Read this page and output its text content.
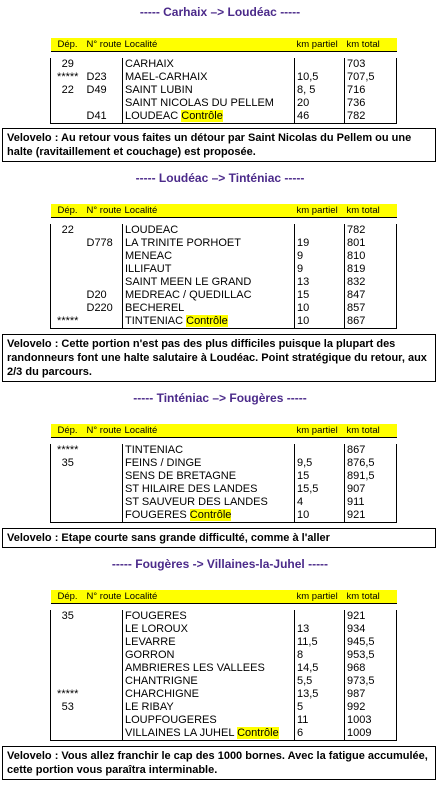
----- Carhaix –> Loudéac -----
Dép.	N° route	Localité	km partiel	km total

29		CARHAIX		703
*****	D23	MAEL-CARHAIX	10,5	707,5
22	D49	SAINT LUBIN	8, 5	716
		SAINT NICOLAS DU PELLEM	20	736
	D41	LOUDEAC Contrôle	46	782
Velovelo : Au retour vous faites un détour par Saint Nicolas du Pellem ou une halte (ravitaillement et couchage) est proposée.
----- Loudéac –> Tinténiac -----
Dép.	N° route	Localité	km partiel	km total

22		LOUDEAC		782
	D778	LA TRINITE PORHOET	19	801
		MENEAC	9	810
		ILLIFAUT	9	819
		SAINT MEEN LE GRAND	13	832
	D20	MEDREAC / QUEDILLAC	15	847
	D220	BECHEREL	10	857
*****		TINTENIAC Contrôle	10	867
Velovelo : Cette portion n'est pas des plus difficiles puisque la plupart des randonneurs font une halte salutaire à Loudéac. Point stratégique du retour, aux 2/3 du parcours.
----- Tinténiac –> Fougères -----
Dép.	N° route	Localité	km partiel	km total

*****		TINTENIAC		867
35		FEINS / DINGE	9,5	876,5
		SENS DE BRETAGNE	15	891,5
		ST HILAIRE DES LANDES	15,5	907
		ST SAUVEUR DES LANDES	4	911
		FOUGERES Contrôle	10	921
Velovelo : Etape courte sans grande difficulté, comme à l'aller
----- Fougères -> Villaines-la-Juhel -----
Dép.	N° route	Localité	km partiel	km total

35		FOUGERES		921
		LE LOROUX	13	934
		LEVARRE	11,5	945,5
		GORRON	8	953,5
		AMBRIERES LES VALLEES	14,5	968
		CHANTRIGNE	5,5	973,5
*****		CHARCHIGNE	13,5	987
53		LE RIBAY	5	992
		LOUPFOUGERES	11	1003
		VILLAINES LA JUHEL Contrôle	6	1009
Velovelo : Vous allez franchir le cap des 1000 bornes. Avec la fatigue accumulée, cette portion vous paraîtra interminable.
